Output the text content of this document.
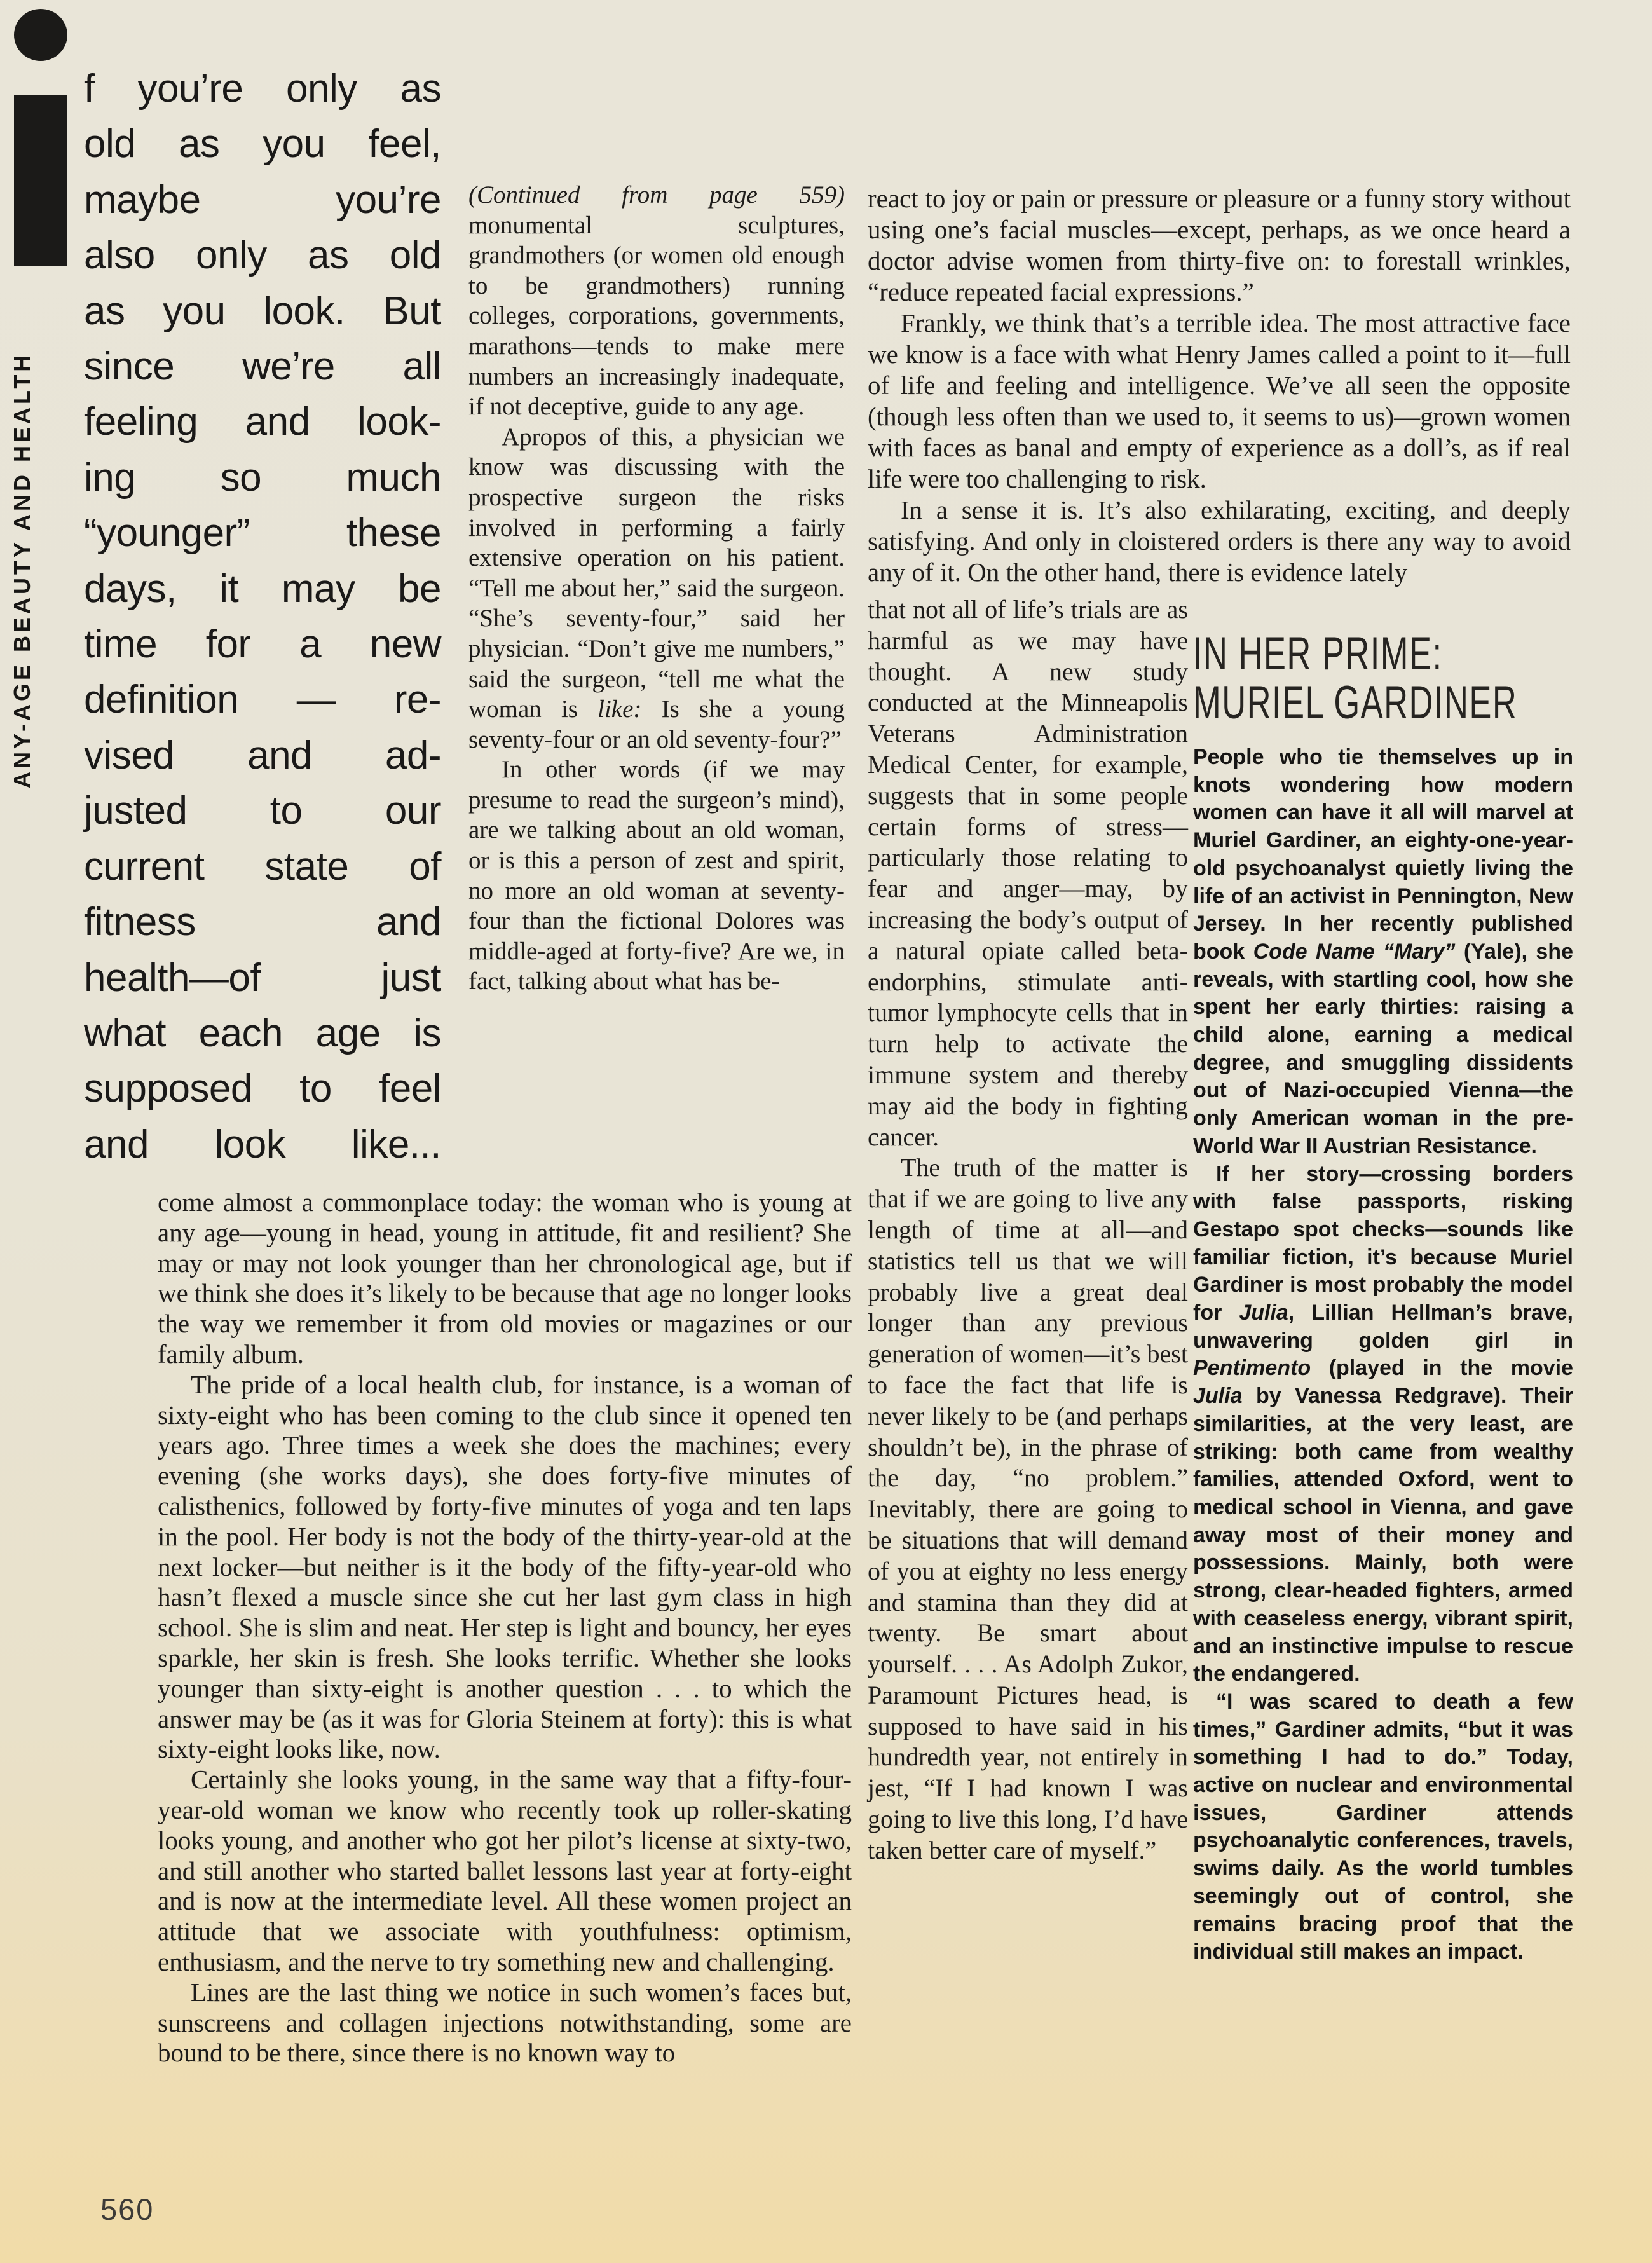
ANY-AGE BEAUTY AND HEALTH
f you’re only as
old as you feel,
maybe you’re
also only as old
as you look. But
since we’re all
feeling and look-
ing so much
“younger” these
days, it may be
time for a new
definition — re-
vised and ad-
justed to our
current state of
fitness and
health—of just
what each age is
supposed to feel
and look like...

(Continued from page 559) monumental sculptures, grandmothers (or women old enough to be grandmothers) running colleges, corporations, governments, marathons—tends to make mere numbers an increasingly inadequate, if not deceptive, guide to any age.

Apropos of this, a physician we know was discussing with the prospective surgeon the risks involved in performing a fairly extensive operation on his patient. “Tell me about her,” said the surgeon. “She’s seventy-four,” said her physician. “Don’t give me numbers,” said the surgeon, “tell me what the woman is like: Is she a young seventy-four or an old seventy-four?”

In other words (if we may presume to read the surgeon’s mind), are we talking about an old woman, or is this a person of zest and spirit, no more an old woman at seventy-four than the fictional Dolores was middle-aged at forty-five? Are we, in fact, talking about what has be-

react to joy or pain or pressure or pleasure or a funny story without using one’s facial muscles—except, perhaps, as we once heard a doctor advise women from thirty-five on: to forestall wrinkles, “reduce repeated facial expressions.”

Frankly, we think that’s a terrible idea. The most attractive face we know is a face with what Henry James called a point to it—full of life and feeling and intelligence. We’ve all seen the opposite (though less often than we used to, it seems to us)—grown women with faces as banal and empty of experience as a doll’s, as if real life were too challenging to risk.

In a sense it is. It’s also exhilarating, exciting, and deeply satisfying. And only in cloistered orders is there any way to avoid any of it. On the other hand, there is evidence lately

that not all of life’s trials are as harmful as we may have thought. A new study conducted at the Minneapolis Veterans Administration Medical Center, for example, suggests that in some people certain forms of stress—particularly those relating to fear and anger—may, by increasing the body’s output of a natural opiate called beta-endorphins, stimulate anti-tumor lymphocyte cells that in turn help to activate the immune system and thereby may aid the body in fighting cancer.

The truth of the matter is that if we are going to live any length of time at all—and statistics tell us that we will probably live a great deal longer than any previous generation of women—it’s best to face the fact that life is never likely to be (and perhaps shouldn’t be), in the phrase of the day, “no problem.” Inevitably, there are going to be situations that will demand of you at eighty no less energy and stamina than they did at twenty. Be smart about yourself. . . . As Adolph Zukor, Paramount Pictures head, is supposed to have said in his hundredth year, not entirely in jest, “If I had known I was going to live this long, I’d have taken better care of myself.”

come almost a commonplace today: the woman who is young at any age—young in head, young in attitude, fit and resilient? She may or may not look younger than her chronological age, but if we think she does it’s likely to be because that age no longer looks the way we remember it from old movies or magazines or our family album.

The pride of a local health club, for instance, is a woman of sixty-eight who has been coming to the club since it opened ten years ago. Three times a week she does the machines; every evening (she works days), she does forty-five minutes of calisthenics, followed by forty-five minutes of yoga and ten laps in the pool. Her body is not the body of the thirty-year-old at the next locker—but neither is it the body of the fifty-year-old who hasn’t flexed a muscle since she cut her last gym class in high school. She is slim and neat. Her step is light and bouncy, her eyes sparkle, her skin is fresh. She looks terrific. Whether she looks younger than sixty-eight is another question . . . to which the answer may be (as it was for Gloria Steinem at forty): this is what sixty-eight looks like, now.

Certainly she looks young, in the same way that a fifty-four-year-old woman we know who recently took up roller-skating looks young, and another who got her pilot’s license at sixty-two, and still another who started ballet lessons last year at forty-eight and is now at the intermediate level. All these women project an attitude that we associate with youthfulness: optimism, enthusiasm, and the nerve to try something new and challenging.

Lines are the last thing we notice in such women’s faces but, sunscreens and collagen injections notwithstanding, some are bound to be there, since there is no known way to

IN HER PRIME:
MURIEL GARDINER

People who tie themselves up in knots wondering how modern women can have it all will marvel at Muriel Gardiner, an eighty-one-year-old psychoanalyst quietly living the life of an activist in Pennington, New Jersey. In her recently published book Code Name “Mary” (Yale), she reveals, with startling cool, how she spent her early thirties: raising a child alone, earning a medical degree, and smuggling dissidents out of Nazi-occupied Vienna—the only American woman in the pre-World War II Austrian Resistance.

If her story—crossing borders with false passports, risking Gestapo spot checks—sounds like familiar fiction, it’s because Muriel Gardiner is most probably the model for Julia, Lillian Hellman’s brave, unwavering golden girl in Pentimento (played in the movie Julia by Vanessa Redgrave). Their similarities, at the very least, are striking: both came from wealthy families, attended Oxford, went to medical school in Vienna, and gave away most of their money and possessions. Mainly, both were strong, clear-headed fighters, armed with ceaseless energy, vibrant spirit, and an instinctive impulse to rescue the endangered.

“I was scared to death a few times,” Gardiner admits, “but it was something I had to do.” Today, active on nuclear and environmental issues, Gardiner attends psychoanalytic conferences, travels, swims daily. As the world tumbles seemingly out of control, she remains bracing proof that the individual still makes an impact.

560
